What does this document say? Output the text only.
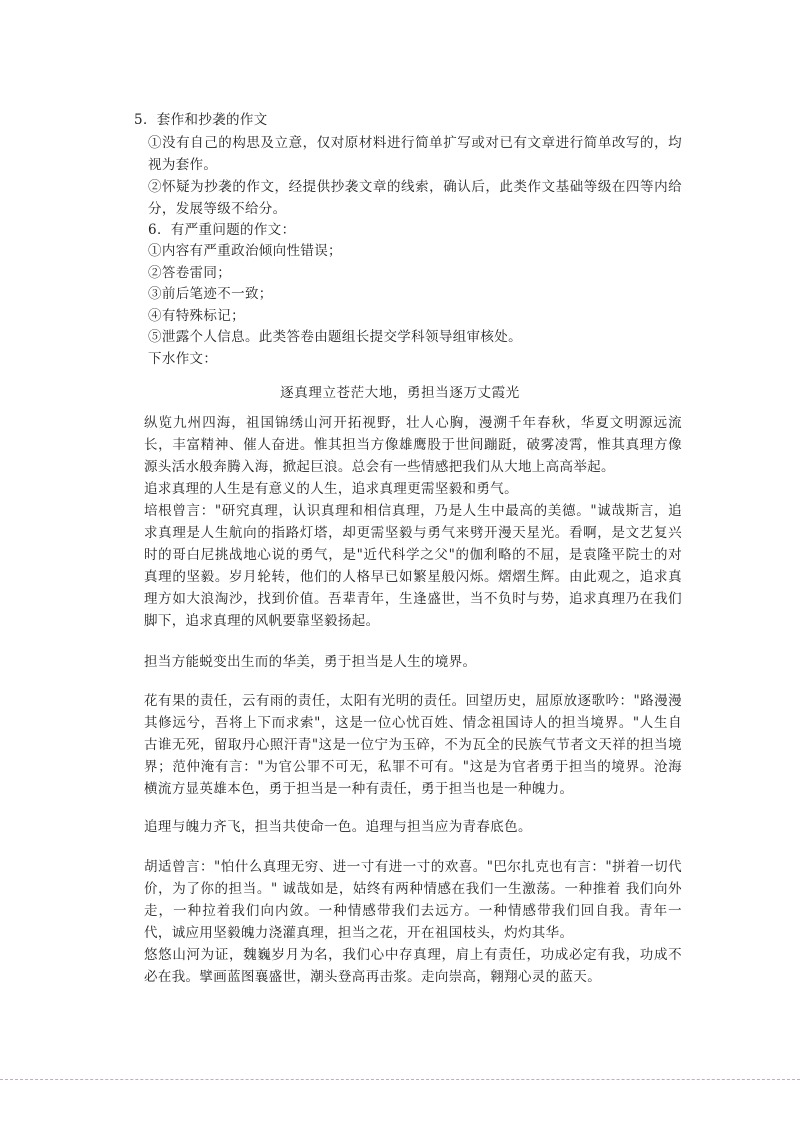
5．套作和抄袭的作文
①没有自己的构思及立意，仅对原材料进行简单扩写或对已有文章进行简单改写的，均视为套作。
②怀疑为抄袭的作文，经提供抄袭文章的线索，确认后，此类作文基础等级在四等内给分，发展等级不给分。
6．有严重问题的作文：
①内容有严重政治倾向性错误；
②答卷雷同；
③前后笔迹不一致；
④有特殊标记；
⑤泄露个人信息。此类答卷由题组长提交学科领导组审核处。
下水作文：
逐真理立苍茫大地，勇担当逐万丈霞光
纵览九州四海，祖国锦绣山河开拓视野，壮人心胸，漫溯千年春秋，华夏文明源远流长，丰富精神、催人奋进。惟其担当方像雄鹰股于世间蹦跹，破雾凌霄，惟其真理方像源头活水般奔腾入海，掀起巨浪。总会有一些情感把我们从大地上高高举起。
追求真理的人生是有意义的人生，追求真理更需坚毅和勇气。
培根曾言："研究真理，认识真理和相信真理，乃是人生中最高的美德。"诚哉斯言，追求真理是人生航向的指路灯塔，却更需坚毅与勇气来劈开漫天星光。看啊，是文艺复兴时的哥白尼挑战地心说的勇气，是"近代科学之父"的伽利略的不屈，是袁隆平院士的对真理的坚毅。岁月轮转，他们的人格早已如繁星般闪烁。熠熠生辉。由此观之，追求真理方如大浪淘沙，找到价值。吾辈青年，生逢盛世，当不负时与势，追求真理乃在我们脚下，追求真理的风帆要靠坚毅扬起。
担当方能蜕变出生而的华美，勇于担当是人生的境界。
花有果的责任，云有雨的责任，太阳有光明的责任。回望历史，屈原放逐歌吟："路漫漫其修远兮，吾将上下而求索"，这是一位心忧百姓、情念祖国诗人的担当境界。"人生自古谁无死，留取丹心照汗青"这是一位宁为玉碎，不为瓦全的民族气节者文天祥的担当境界；范仲淹有言："为官公罪不可无，私罪不可有。"这是为官者勇于担当的境界。沧海横流方显英雄本色，勇于担当是一种有责任，勇于担当也是一种魄力。
追理与魄力齐飞，担当共使命一色。追理与担当应为青春底色。
胡适曾言："怕什么真理无穷、进一寸有进一寸的欢喜。"巴尔扎克也有言："拼着一切代价，为了你的担当。" 诚哉如是，姑终有两种情感在我们一生激荡。一种推着 我们向外走，一种拉着我们向内敛。一种情感带我们去远方。一种情感带我们回自我。青年一代，诚应用坚毅魄力浇灌真理，担当之花，开在祖国枝头，灼灼其华。
悠悠山河为证，魏巍岁月为名，我们心中存真理，肩上有责任，功成必定有我，功成不必在我。擘画蓝图襄盛世，潮头登高再击浆。走向崇高，翱翔心灵的蓝天。
